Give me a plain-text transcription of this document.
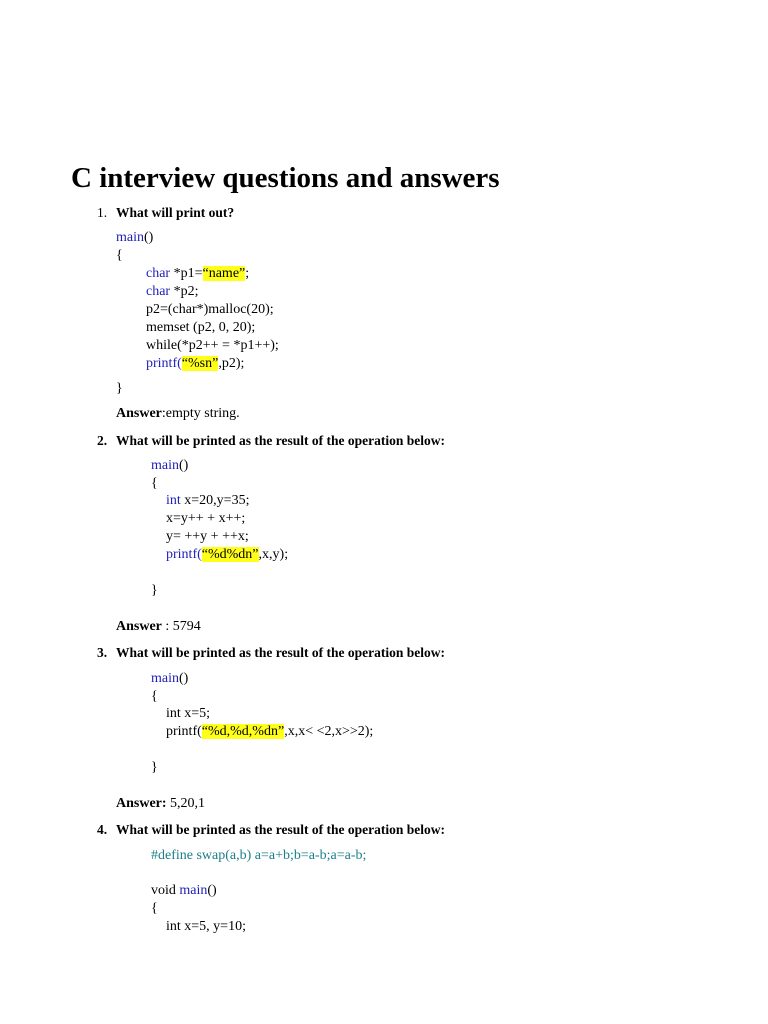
C interview questions and answers
1. What will print out?
main()
{
char *p1=“name”;
char *p2;
p2=(char*)malloc(20);
memset (p2, 0, 20);
while(*p2++ = *p1++);
printf(“%sn”,p2);
}
Answer:empty string.
2. What will be printed as the result of the operation below:
main()
{
int x=20,y=35;
x=y++ + x++;
y= ++y + ++x;
printf(“%d%dn”,x,y);
}
Answer : 5794
3. What will be printed as the result of the operation below:
main()
{
int x=5;
printf(“%d,%d,%dn”,x,x< <2,x>>2);
}
Answer: 5,20,1
4. What will be printed as the result of the operation below:
#define swap(a,b) a=a+b;b=a-b;a=a-b;
void main()
{
int x=5, y=10;
